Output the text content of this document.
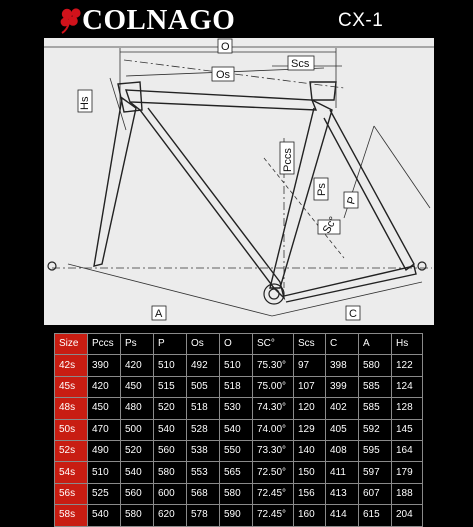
COLNAGO	CX-1
O
Os
Scs
Hs
Pccs
Ps
P
Sc°
A	C
Size	Pccs	Ps	P	Os	O	SC°	Scs	C	A	Hs
42s	390	420	510	492	510	75.30°	97	398	580	122
45s	420	450	515	505	518	75.00°	107	399	585	124
48s	450	480	520	518	530	74.30°	120	402	585	128
50s	470	500	540	528	540	74.00°	129	405	592	145
52s	490	520	560	538	550	73.30°	140	408	595	164
54s	510	540	580	553	565	72.50°	150	411	597	179
56s	525	560	600	568	580	72.45°	156	413	607	188
58s	540	580	620	578	590	72.45°	160	414	615	204
